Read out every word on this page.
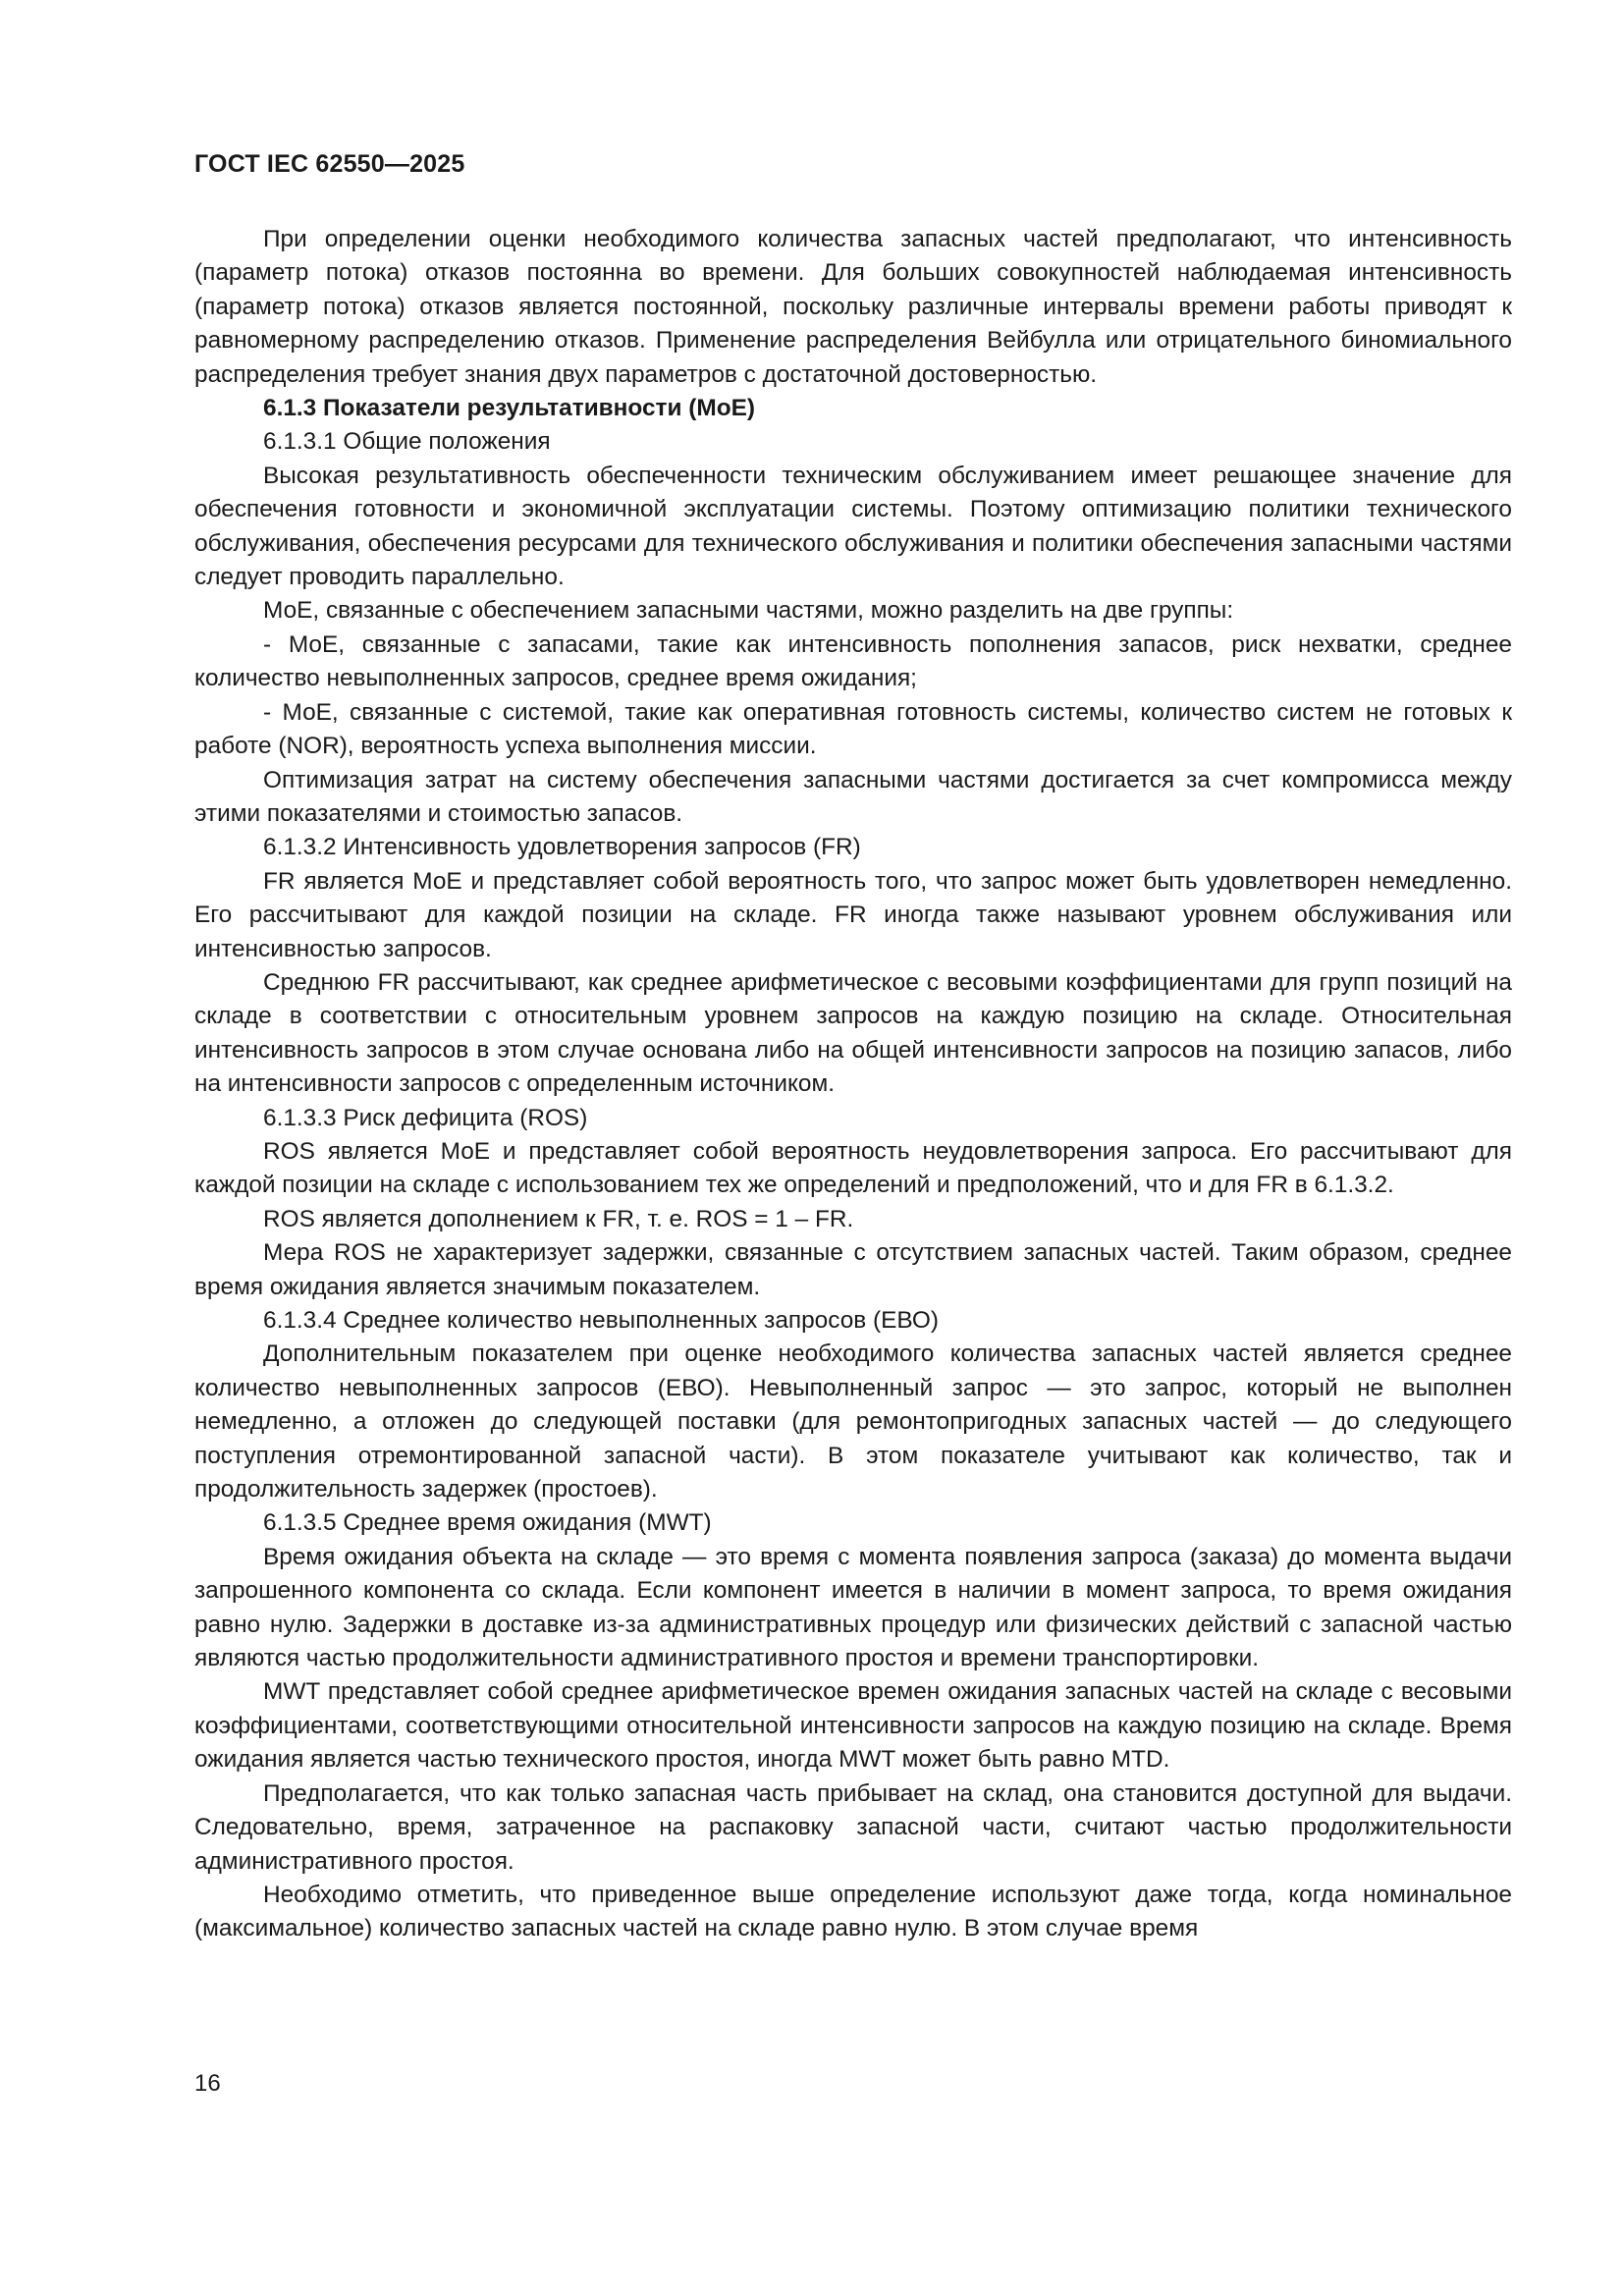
ГОСТ IEC 62550—2025

При определении оценки необходимого количества запасных частей предполагают, что интенсивность (параметр потока) отказов постоянна во времени. Для больших совокупностей наблюдаемая интенсивность (параметр потока) отказов является постоянной, поскольку различные интервалы времени работы приводят к равномерному распределению отказов. Применение распределения Вейбулла или отрицательного биномиального распределения требует знания двух параметров с достаточной достоверностью.

6.1.3 Показатели результативности (МоЕ)

6.1.3.1 Общие положения

Высокая результативность обеспеченности техническим обслуживанием имеет решающее значение для обеспечения готовности и экономичной эксплуатации системы. Поэтому оптимизацию политики технического обслуживания, обеспечения ресурсами для технического обслуживания и политики обеспечения запасными частями следует проводить параллельно.

МоЕ, связанные с обеспечением запасными частями, можно разделить на две группы:

- МоЕ, связанные с запасами, такие как интенсивность пополнения запасов, риск нехватки, среднее количество невыполненных запросов, среднее время ожидания;

- МоЕ, связанные с системой, такие как оперативная готовность системы, количество систем не готовых к работе (NOR), вероятность успеха выполнения миссии.

Оптимизация затрат на систему обеспечения запасными частями достигается за счет компромисса между этими показателями и стоимостью запасов.

6.1.3.2 Интенсивность удовлетворения запросов (FR)

FR является МоЕ и представляет собой вероятность того, что запрос может быть удовлетворен немедленно. Его рассчитывают для каждой позиции на складе. FR иногда также называют уровнем обслуживания или интенсивностью запросов.

Среднюю FR рассчитывают, как среднее арифметическое с весовыми коэффициентами для групп позиций на складе в соответствии с относительным уровнем запросов на каждую позицию на складе. Относительная интенсивность запросов в этом случае основана либо на общей интенсивности запросов на позицию запасов, либо на интенсивности запросов с определенным источником.

6.1.3.3 Риск дефицита (ROS)

ROS является МоЕ и представляет собой вероятность неудовлетворения запроса. Его рассчитывают для каждой позиции на складе с использованием тех же определений и предположений, что и для FR в 6.1.3.2.

ROS является дополнением к FR, т. е. ROS = 1 – FR.

Мера ROS не характеризует задержки, связанные с отсутствием запасных частей. Таким образом, среднее время ожидания является значимым показателем.

6.1.3.4 Среднее количество невыполненных запросов (ЕВО)

Дополнительным показателем при оценке необходимого количества запасных частей является среднее количество невыполненных запросов (ЕВО). Невыполненный запрос — это запрос, который не выполнен немедленно, а отложен до следующей поставки (для ремонтопригодных запасных частей — до следующего поступления отремонтированной запасной части). В этом показателе учитывают как количество, так и продолжительность задержек (простоев).

6.1.3.5 Среднее время ожидания (MWT)

Время ожидания объекта на складе — это время с момента появления запроса (заказа) до момента выдачи запрошенного компонента со склада. Если компонент имеется в наличии в момент запроса, то время ожидания равно нулю. Задержки в доставке из-за административных процедур или физических действий с запасной частью являются частью продолжительности административного простоя и времени транспортировки.

MWT представляет собой среднее арифметическое времен ожидания запасных частей на складе с весовыми коэффициентами, соответствующими относительной интенсивности запросов на каждую позицию на складе. Время ожидания является частью технического простоя, иногда MWT может быть равно MTD.

Предполагается, что как только запасная часть прибывает на склад, она становится доступной для выдачи. Следовательно, время, затраченное на распаковку запасной части, считают частью продолжительности административного простоя.

Необходимо отметить, что приведенное выше определение используют даже тогда, когда номинальное (максимальное) количество запасных частей на складе равно нулю. В этом случае время

16
